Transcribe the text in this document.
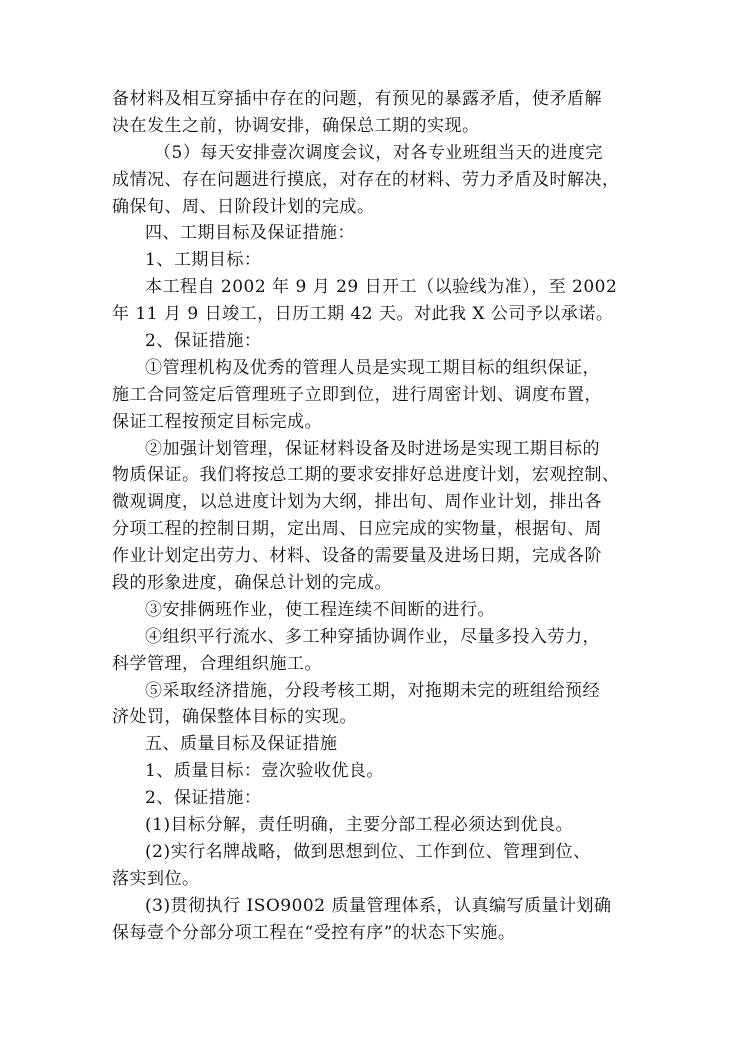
备材料及相互穿插中存在的问题，有预见的暴露矛盾，使矛盾解
决在发生之前，协调安排，确保总工期的实现。
（5）每天安排壹次调度会议，对各专业班组当天的进度完
成情况、存在问题进行摸底，对存在的材料、劳力矛盾及时解决，
确保旬、周、日阶段计划的完成。
四、工期目标及保证措施：
1、工期目标：
本工程自 2002 年 9 月 29 日开工（以验线为准），至 2002
年 11 月 9 日竣工，日历工期 42 天。对此我 X 公司予以承诺。
2、保证措施：
①管理机构及优秀的管理人员是实现工期目标的组织保证，
施工合同签定后管理班子立即到位，进行周密计划、调度布置，
保证工程按预定目标完成。
②加强计划管理，保证材料设备及时进场是实现工期目标的
物质保证。我们将按总工期的要求安排好总进度计划，宏观控制、
微观调度，以总进度计划为大纲，排出旬、周作业计划，排出各
分项工程的控制日期，定出周、日应完成的实物量，根据旬、周
作业计划定出劳力、材料、设备的需要量及进场日期，完成各阶
段的形象进度，确保总计划的完成。
③安排俩班作业，使工程连续不间断的进行。
④组织平行流水、多工种穿插协调作业，尽量多投入劳力，
科学管理，合理组织施工。
⑤采取经济措施，分段考核工期，对拖期未完的班组给预经
济处罚，确保整体目标的实现。
五、质量目标及保证措施
1、质量目标：壹次验收优良。
2、保证措施：
(1)目标分解，责任明确，主要分部工程必须达到优良。
(2)实行名牌战略，做到思想到位、工作到位、管理到位、
落实到位。
(3)贯彻执行 ISO9002 质量管理体系，认真编写质量计划确
保每壹个分部分项工程在“受控有序”的状态下实施。
